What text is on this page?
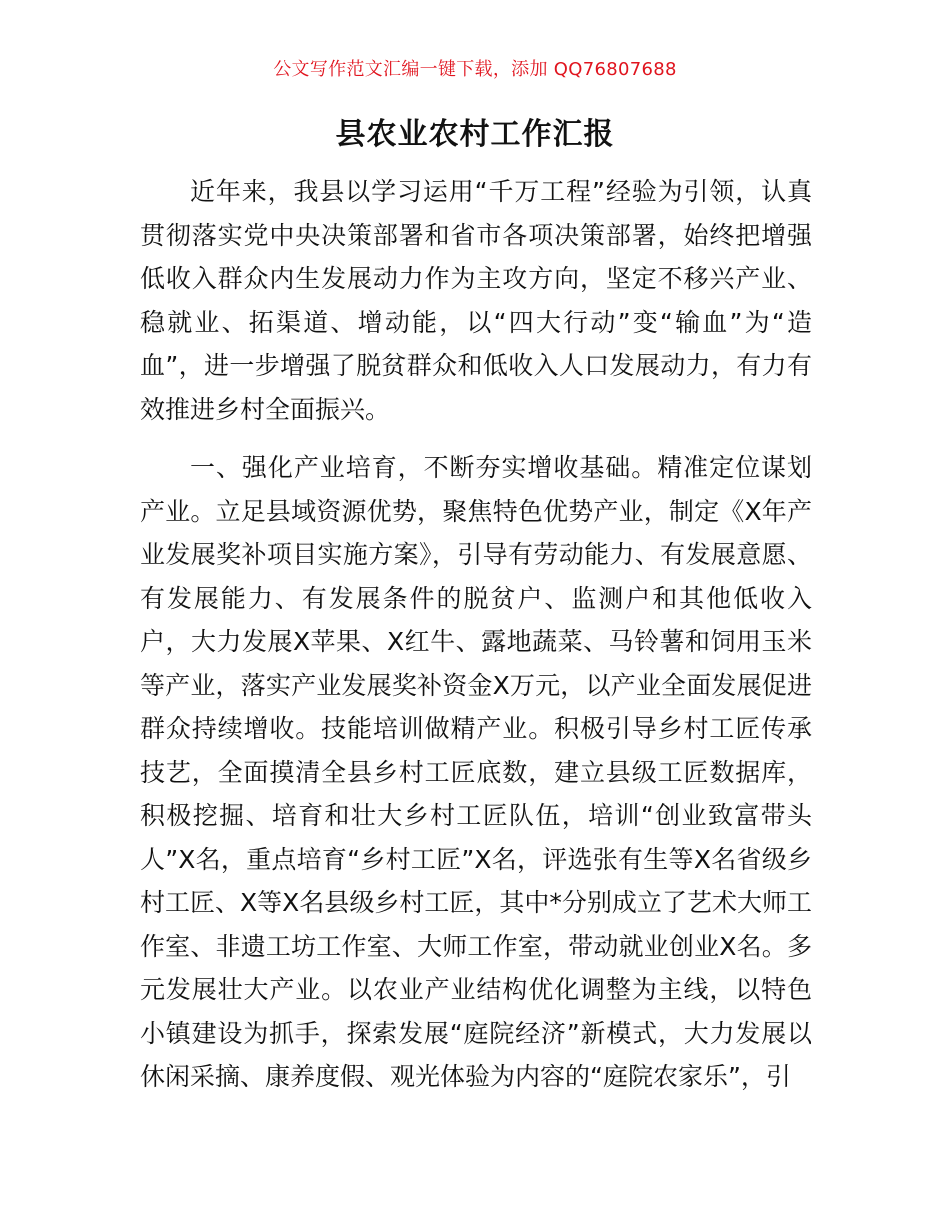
公文写作范文汇编一键下载，添加 QQ76807688
县农业农村工作汇报

近年来，我县以学习运用“千万工程”经验为引领，认真贯彻落实党中央决策部署和省市各项决策部署，始终把增强低收入群众内生发展动力作为主攻方向，坚定不移兴产业、稳就业、拓渠道、增动能，以“四大行动”变“输血”为“造血”，进一步增强了脱贫群众和低收入人口发展动力，有力有效推进乡村全面振兴。

一、强化产业培育，不断夯实增收基础。精准定位谋划产业。立足县域资源优势，聚焦特色优势产业，制定《X年产业发展奖补项目实施方案》，引导有劳动能力、有发展意愿、有发展能力、有发展条件的脱贫户、监测户和其他低收入户，大力发展X苹果、X红牛、露地蔬菜、马铃薯和饲用玉米等产业，落实产业发展奖补资金X万元，以产业全面发展促进群众持续增收。技能培训做精产业。积极引导乡村工匠传承技艺，全面摸清全县乡村工匠底数，建立县级工匠数据库，积极挖掘、培育和壮大乡村工匠队伍，培训“创业致富带头人”X名，重点培育“乡村工匠”X名，评选张有生等X名省级乡村工匠、X等X名县级乡村工匠，其中*分别成立了艺术大师工作室、非遗工坊工作室、大师工作室，带动就业创业X名。多元发展壮大产业。以农业产业结构优化调整为主线，以特色小镇建设为抓手，探索发展“庭院经济”新模式，大力发展以休闲采摘、康养度假、观光体验为内容的“庭院农家乐”，引
